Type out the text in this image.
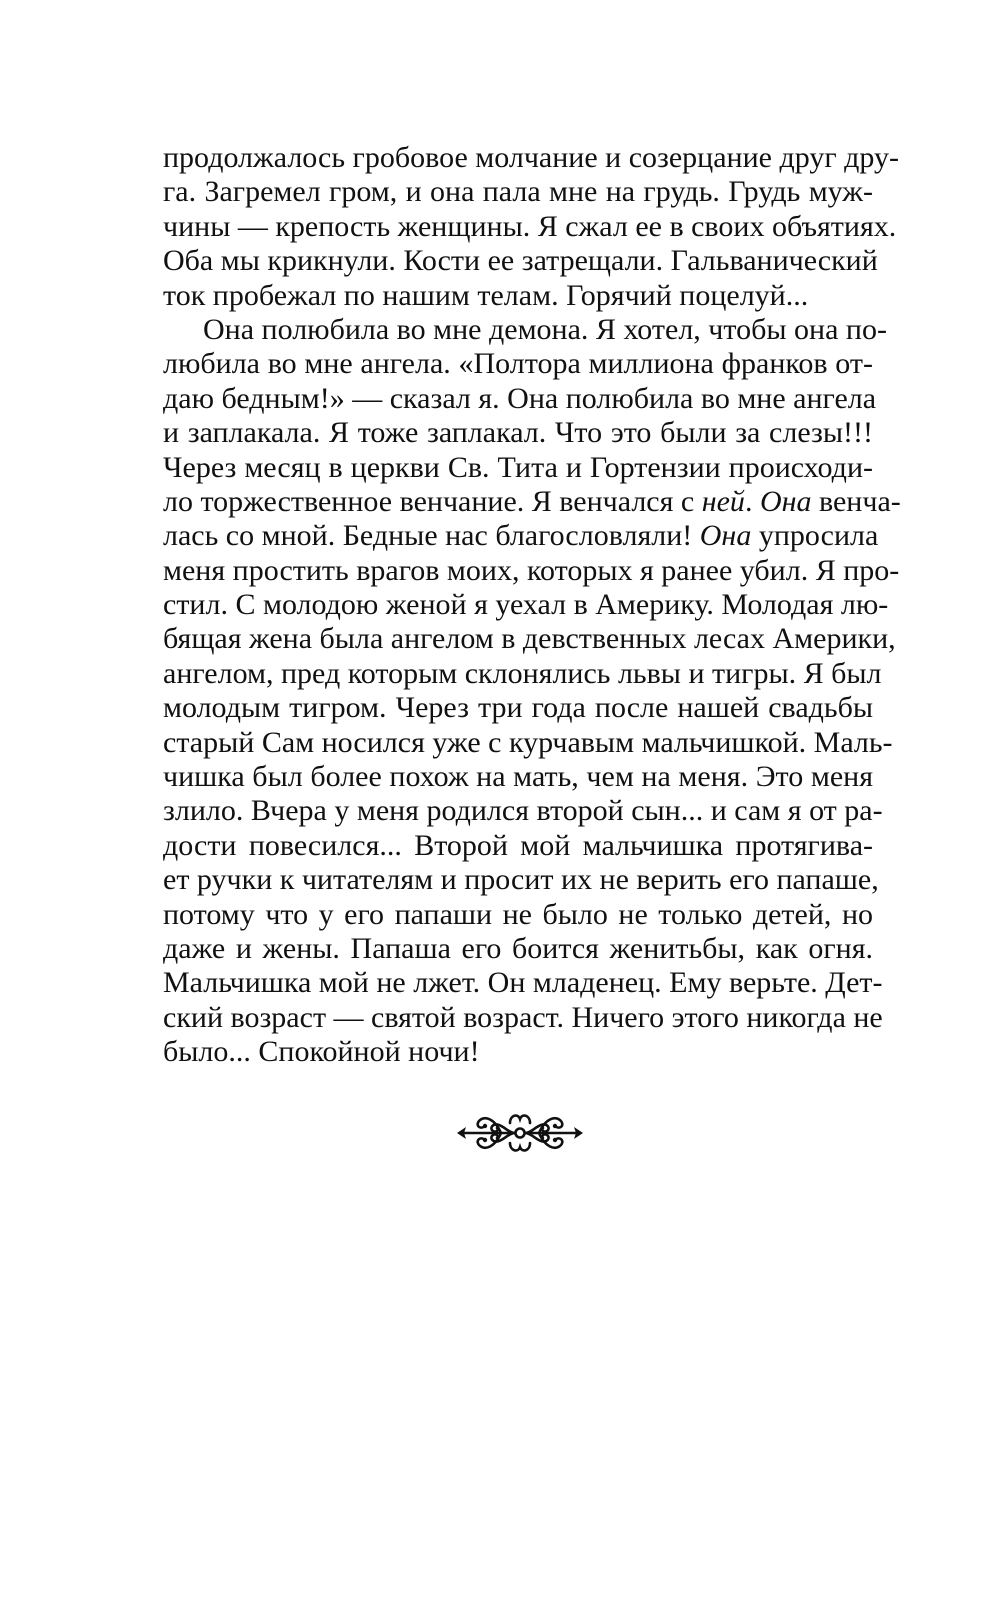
продолжалось гробовое молчание и созерцание друг дру-
га. Загремел гром, и она пала мне на грудь. Грудь муж-
чины — крепость женщины. Я сжал ее в своих объятиях.
Оба мы крикнули. Кости ее затрещали. Гальванический
ток пробежал по нашим телам. Горячий поцелуй...
Она полюбила во мне демона. Я хотел, чтобы она по-
любила во мне ангела. «Полтора миллиона франков от-
даю бедным!» — сказал я. Она полюбила во мне ангела
и заплакала. Я тоже заплакал. Что это были за слезы!!!
Через месяц в церкви Св. Тита и Гортензии происходи-
ло торжественное венчание. Я венчался с ней. Она венча-
лась со мной. Бедные нас благословляли! Она упросила
меня простить врагов моих, которых я ранее убил. Я про-
стил. С молодою женой я уехал в Америку. Молодая лю-
бящая жена была ангелом в девственных лесах Америки,
ангелом, пред которым склонялись львы и тигры. Я был
молодым тигром. Через три года после нашей свадьбы
старый Сам носился уже с курчавым мальчишкой. Маль-
чишка был более похож на мать, чем на меня. Это меня
злило. Вчера у меня родился второй сын... и сам я от ра-
дости повесился... Второй мой мальчишка протягива-
ет ручки к читателям и просит их не верить его папаше,
потому что у его папаши не было не только детей, но
даже и жены. Папаша его боится женитьбы, как огня.
Мальчишка мой не лжет. Он младенец. Ему верьте. Дет-
ский возраст — святой возраст. Ничего этого никогда не
было... Спокойной ночи!
